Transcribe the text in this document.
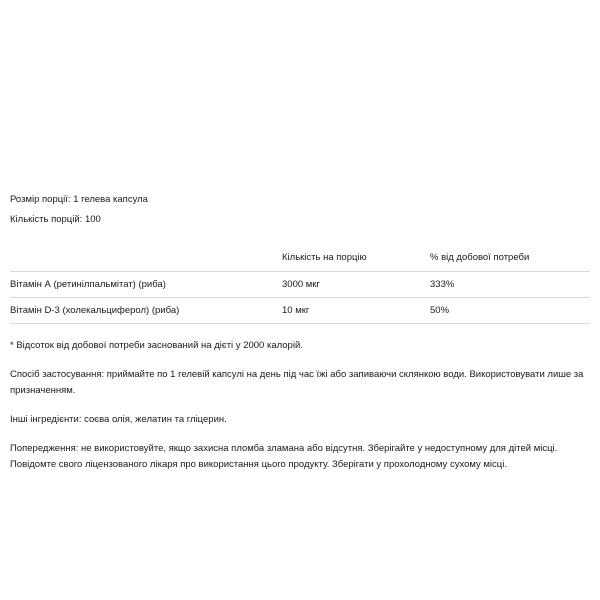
Розмір порції: 1 гелева капсула
Кількість порцій: 100
	Кількість на порцію	% від добової потреби
Вітамін А (ретинілпальмітат) (риба)	3000 мкг	333%
Вітамін D-3 (холекальциферол) (риба)	10 мкг	50%

* Відсоток від добової потреби заснований на дієті у 2000 калорій.

Спосіб застосування: приймайте по 1 гелевій капсулі на день під час їжі або запиваючи склянкою води. Використовувати лише за призначенням.

Інші інгредієнти: соєва олія, желатин та гліцерин.

Попередження: не використовуйте, якщо захисна пломба зламана або відсутня. Зберігайте у недоступному для дітей місці. Повідомте свого ліцензованого лікаря про використання цього продукту. Зберігати у прохолодному сухому місці.
